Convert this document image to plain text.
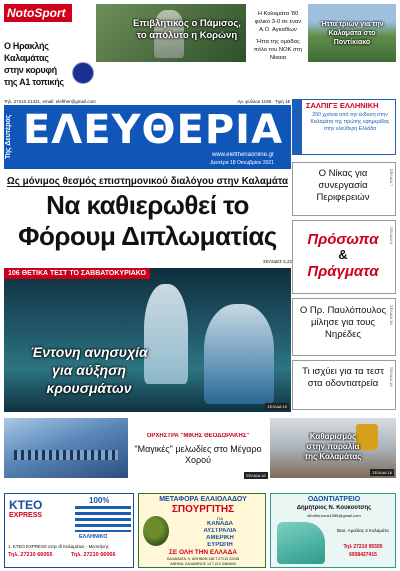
NotoSport
Ο Ηρακλής Καλαμάτας στην κορυφή της Α1 τοπικής
Επιβλητικός ο Πάμισος, το απόλυτο η Κορώνη
Η Καλαμάτα '80 φιλικό 3-0 σε έναν Α.Ο. Αγκαθίων
Ήττα της ομάδας πόλο του ΝΟΚ στη Νίκαια
Ήττα τριών για την Καλαμάτα στο Ποντίκιακό
Τηλ. 27210 21421, email: elefther@gmail.com	Αρ. φύλλου 1198 - Τιμή 1€
Της Δευτέρας ΕΛΕΥΘΕΡΙΑ
www.eleftheriaonline.gr
Δευτέρα 18 Οκτωβρίου 2021
ΣΑΛΠΙΓΞ ΕΛΛΗΝΙΚΗ
200 χρόνια από την έκδοση στην Καλαμάτα της πρώτης εφημερίδας στην ελεύθερη Ελλάδα
Ως μόνιμος θεσμός επιστημονικού διαλόγου στην Καλαμάτα
Να καθιερωθεί το
Φόρουμ Διπλωματίας
ΣΕΛΙΔΕΣ 5,22
Ο Νίκας για συνεργασία Περιφερειών
ΣΕΛΙΔΑ 7
Πρόσωπα
&
Πράγματα
ΣΕΛΙΔΑ 6
Ο Πρ. Παυλόπουλος μίλησε για τους Νηρέδες
ΣΕΛΙΔΑ 18
Τι ισχύει για τα τεστ στα οδοντιατρεία	ΣΕΛΙΔΑ 16
106 ΘΕΤΙΚΑ ΤΕΣΤ ΤΟ ΣΑΒΒΑΤΟΚΥΡΙΑΚΟ
Έντονη ανησυχία
για αύξηση
κρουσμάτων
ΣΕΛΙΔΑ 10
ΟΡΧΗΣΤΡΑ "ΜΙΚΗΣ ΘΕΟΔΩΡΑΚΗΣ"
"Μαγικές" μελωδίες στο Μέγαρο Χορού
ΣΕΛΙΔΑ 16
Καθαρισμός
στην παραλία
της Καλαμάτας
ΣΕΛΙΔΑ 16
ΚΤΕΟ
EXPRESS
100%
ΕΛΛΗΝΙΚΟ
1. ΚΤΕΟ EXPRESS στην Ιδ Καλαμάτας - Μεσσήνης
Τηλ. 27210 66055	Τηλ. 27210 66066
ΜΕΤΑΦΟΡΑ ΕΛΑΙΟΛΑΔΟΥ
ΣΠΟΥΡΓΙΤΗΣ
ΓΙΑ
ΚΑΝΑΔΑ
ΑΥΣΤΡΑΛΙΑ
ΑΜΕΡΙΚΗ
ΕΥΡΩΠΗ
ΣΕ ΟΛΗ ΤΗΝ ΕΛΛΑΔΑ
ΚΑΛΑΜΑΤΑ: Λ. ΑΘΗΝΩΝ 186 Τ.27210 22248
ΑΘΗΝΑ: ΣΑΛΑΜΙΝΟΣ 14 Τ.210 3464640
ΟΔΟΝΤΙΑΤΡΕΙΟ
Δημήτριος Ν. Κουκούτσης
dimitris.kouk1985@gmail.com
Βασ. Αμαλίας 4 Καλαμάτα
Τηλ 27210 95595
6938427415
